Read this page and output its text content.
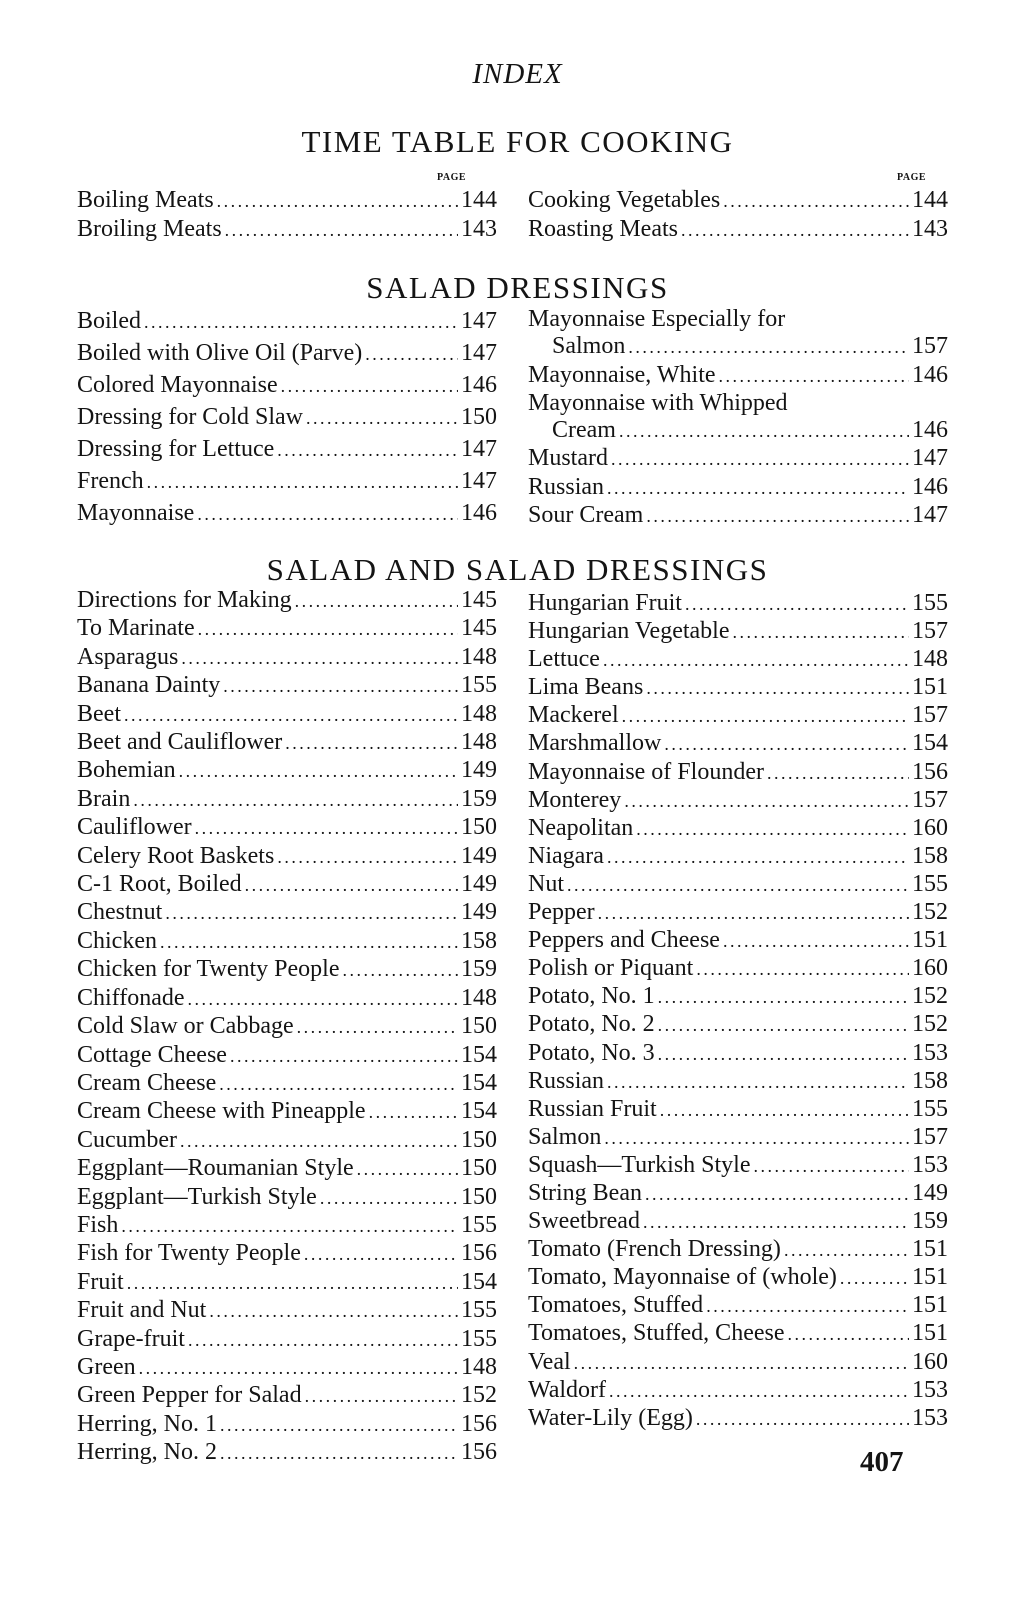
INDEX
TIME TABLE FOR COOKING
PAGE	PAGE
Boiling Meats . . .	144
Broiling Meats . . .	143
Cooking Vegetables . . .	144
Roasting Meats . . .	143
SALAD DRESSINGS
Boiled . . .	147
Boiled with Olive Oil (Parve) . . .	147
Colored Mayonnaise . . .	146
Dressing for Cold Slaw . . .	150
Dressing for Lettuce . . .	147
French . . .	147
Mayonnaise . . .	146
Mayonnaise Especially for
Salmon . . .	157
Mayonnaise, White . . .	146
Mayonnaise with Whipped
Cream . . .	146
Mustard . . .	147
Russian . . .	146
Sour Cream . . .	147
SALAD AND SALAD DRESSINGS
Directions for Making . . .	145
To Marinate . . .	145
Asparagus . . .	148
Banana Dainty . . .	155
Beet . . .	148
Beet and Cauliflower . . .	148
Bohemian . . .	149
Brain . . .	159
Cauliflower . . .	150
Celery Root Baskets . . .	149
C-1 Root, Boiled . . .	149
Chestnut . . .	149
Chicken . . .	158
Chicken for Twenty People . . .	159
Chiffonade . . .	148
Cold Slaw or Cabbage . . .	150
Cottage Cheese . . .	154
Cream Cheese . . .	154
Cream Cheese with Pineapple . . .	154
Cucumber . . .	150
Eggplant—Roumanian Style . . .	150
Eggplant—Turkish Style . . .	150
Fish . . .	155
Fish for Twenty People . . .	156
Fruit . . .	154
Fruit and Nut . . .	155
Grape-fruit . . .	155
Green . . .	148
Green Pepper for Salad . . .	152
Herring, No. 1 . . .	156
Herring, No. 2 . . .	156
Hungarian Fruit . . .	155
Hungarian Vegetable . . .	157
Lettuce . . .	148
Lima Beans . . .	151
Mackerel . . .	157
Marshmallow . . .	154
Mayonnaise of Flounder . . .	156
Monterey . . .	157
Neapolitan . . .	160
Niagara . . .	158
Nut . . .	155
Pepper . . .	152
Peppers and Cheese . . .	151
Polish or Piquant . . .	160
Potato, No. 1 . . .	152
Potato, No. 2 . . .	152
Potato, No. 3 . . .	153
Russian . . .	158
Russian Fruit . . .	155
Salmon . . .	157
Squash—Turkish Style . . .	153
String Bean . . .	149
Sweetbread . . .	159
Tomato (French Dressing) . . .	151
Tomato, Mayonnaise of (whole) . . .	151
Tomatoes, Stuffed . . .	151
Tomatoes, Stuffed, Cheese . . .	151
Veal . . .	160
Waldorf . . .	153
Water-Lily (Egg) . . .	153
407
